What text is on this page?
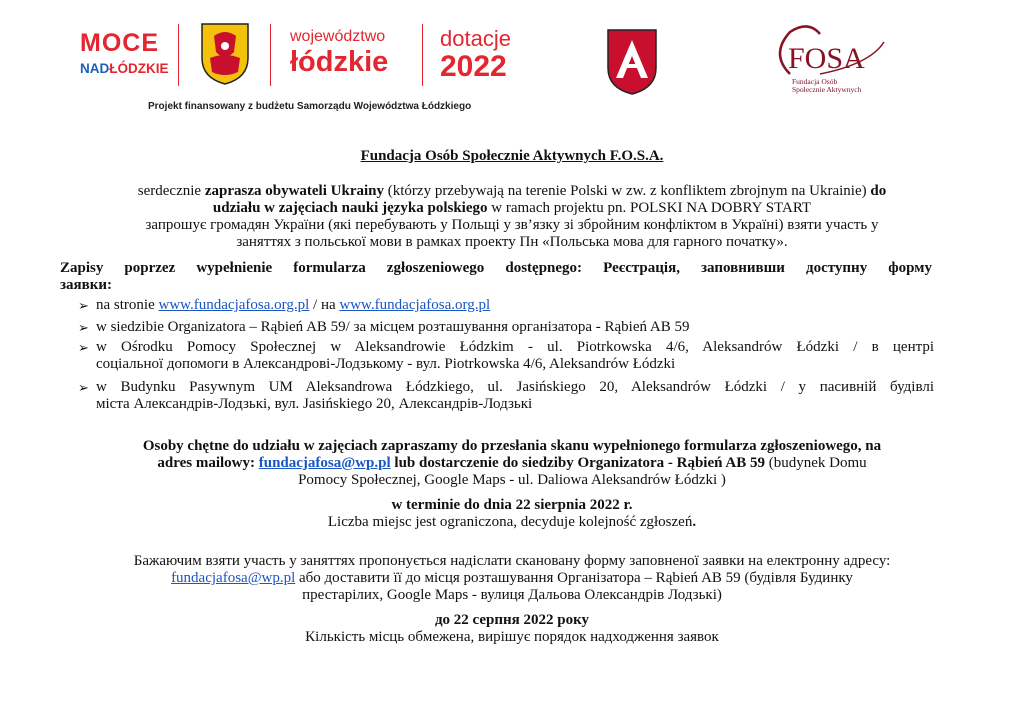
MOCE
NADŁÓDZKIE
województwo
łódzkie
dotacje
2022
Projekt finansowany z budżetu Samorządu Województwa Łódzkiego
FOSA
Fundacja Osób
Społecznie Aktywnych
Fundacja Osób Społecznie Aktywnych F.O.S.A.
serdecznie zaprasza obywateli Ukrainy (którzy przebywają na terenie Polski w zw. z konfliktem zbrojnym na Ukrainie) do
udziału w zajęciach nauki języka polskiego w ramach projektu pn. POLSKI NA DOBRY START
запрошує громадян України (які перебувають у Польщі у зв’язку зі збройним конфліктом в Україні) взяти участь у
заняттях з польської мови в рамках проекту Пн «Польська мова для гарного початку».
Zapisy poprzez wypełnienie formularza zgłoszeniowego dostępnego: Реєстрація, заповнивши доступну форму
заявки:
➢ na stronie www.fundacjafosa.org.pl / на www.fundacjafosa.org.pl
➢ w siedzibie Organizatora – Rąbień AB 59/ за місцем розташування організатора - Rąbień AB 59
➢ w Ośrodku Pomocy Społecznej w Aleksandrowie Łódzkim - ul. Piotrkowska 4/6, Aleksandrów Łódzki / в центрі
соціальної допомоги в Александрові-Лодзькому - вул. Piotrkowska 4/6, Aleksandrów Łódzki
➢ w Budynku Pasywnym UM Aleksandrowa Łódzkiego, ul. Jasińskiego 20, Aleksandrów Łódzki / у пасивній будівлі
міста Александрів-Лодзькі, вул. Jasińskiego 20, Александрів-Лодзькі
Osoby chętne do udziału w zajęciach zapraszamy do przesłania skanu wypełnionego formularza zgłoszeniowego, na
adres mailowy: fundacjafosa@wp.pl lub dostarczenie do siedziby Organizatora - Rąbień AB 59 (budynek Domu
Pomocy Społecznej, Google Maps - ul. Daliowa Aleksandrów Łódzki )
w terminie do dnia 22 sierpnia 2022 r.
Liczba miejsc jest ograniczona, decyduje kolejność zgłoszeń.
Бажаючим взяти участь у заняттях пропонується надіслати скановану форму заповненої заявки на електронну адресу:
fundacjafosa@wp.pl або доставити її до місця розташування Організатора – Rąbień AB 59 (будівля Будинку
престарілих, Google Maps - вулиця Дальова Олександрів Лодзькі)
до 22 серпня 2022 року
Кількість місць обмежена, вирішує порядок надходження заявок
